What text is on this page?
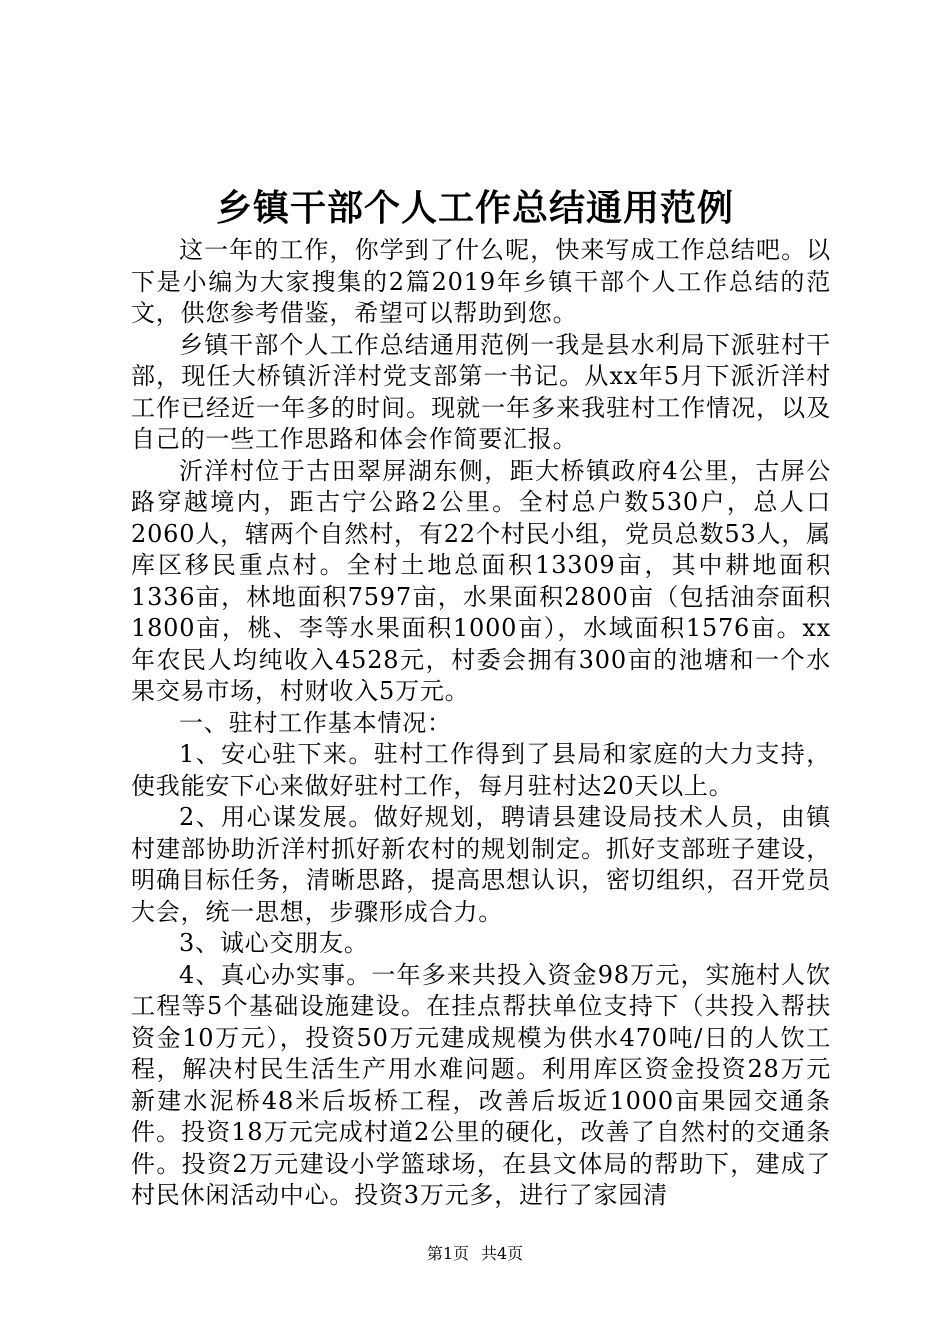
乡镇干部个人工作总结通用范例

这一年的工作，你学到了什么呢，快来写成工作总结吧。以下是小编为大家搜集的2篇2019年乡镇干部个人工作总结的范文，供您参考借鉴，希望可以帮助到您。

乡镇干部个人工作总结通用范例一我是县水利局下派驻村干部，现任大桥镇沂洋村党支部第一书记。从xx年5月下派沂洋村工作已经近一年多的时间。现就一年多来我驻村工作情况，以及自己的一些工作思路和体会作简要汇报。

沂洋村位于古田翠屏湖东侧，距大桥镇政府4公里，古屏公路穿越境内，距古宁公路2公里。全村总户数530户，总人口2060人，辖两个自然村，有22个村民小组，党员总数53人，属库区移民重点村。全村土地总面积13309亩，其中耕地面积1336亩，林地面积7597亩，水果面积2800亩（包括油奈面积1800亩，桃、李等水果面积1000亩），水域面积1576亩。xx年农民人均纯收入4528元，村委会拥有300亩的池塘和一个水果交易市场，村财收入5万元。

一、驻村工作基本情况：

1、安心驻下来。驻村工作得到了县局和家庭的大力支持，使我能安下心来做好驻村工作，每月驻村达20天以上。

2、用心谋发展。做好规划，聘请县建设局技术人员，由镇村建部协助沂洋村抓好新农村的规划制定。抓好支部班子建设，明确目标任务，清晰思路，提高思想认识，密切组织，召开党员大会，统一思想，步骤形成合力。

3、诚心交朋友。

4、真心办实事。一年多来共投入资金98万元，实施村人饮工程等5个基础设施建设。在挂点帮扶单位支持下（共投入帮扶资金10万元），投资50万元建成规模为供水470吨/日的人饮工程，解决村民生活生产用水难问题。利用库区资金投资28万元新建水泥桥48米后坂桥工程，改善后坂近1000亩果园交通条件。投资18万元完成村道2公里的硬化，改善了自然村的交通条件。投资2万元建设小学篮球场，在县文体局的帮助下，建成了村民休闲活动中心。投资3万元多，进行了家园清

第1页 共4页
